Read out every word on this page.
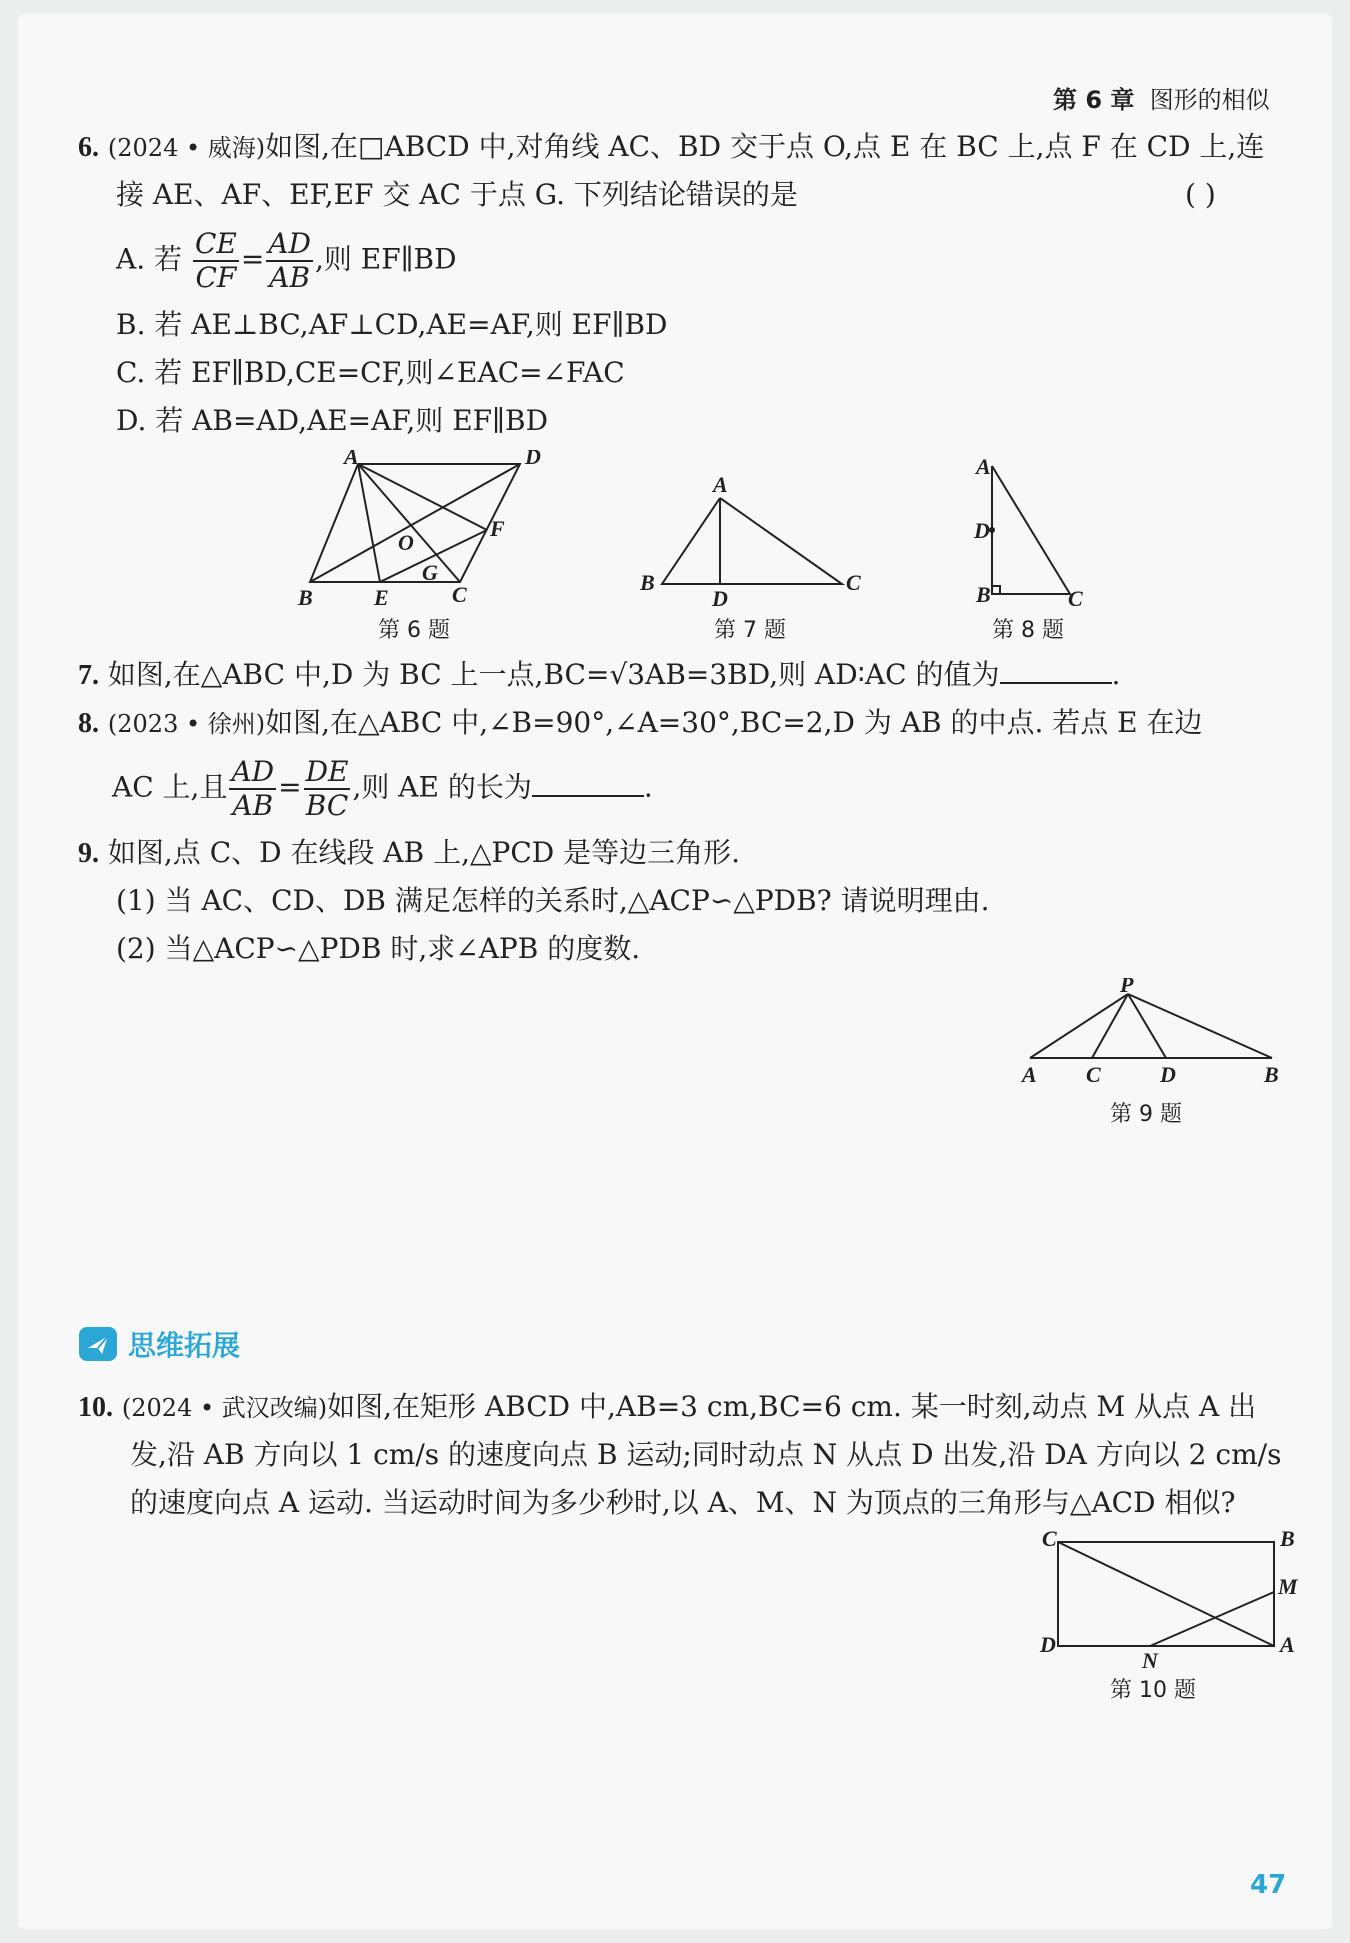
第 6 章 图形的相似
6. (2024 • 威海)如图,在□ABCD 中,对角线 AC、BD 交于点 O,点 E 在 BC 上,点 F 在 CD 上,连
接 AE、AF、EF,EF 交 AC 于点 G. 下列结论错误的是	( )
A. 若 $\frac{CE}{CF} = \frac{AD}{AB}$ ,则 EF∥BD
B. 若 AE⊥BC,AF⊥CD,AE=AF,则 EF∥BD
C. 若 EF∥BD,CE=CF,则∠EAC=∠FAC
D. 若 AB=AD,AE=AF,则 EF∥BD
A	D
B	C
E
F
O
G
第 6 题
A
B	C
D
第 7 题
A
D
B	C
第 8 题
7. 如图,在△ABC 中,D 为 BC 上一点,BC=√3AB=3BD,则 AD∶AC 的值为	.
8. (2023 • 徐州)如图,在△ABC 中,∠B=90°,∠A=30°,BC=2,D 为 AB 的中点. 若点 E 在边
AC 上,且 $\frac{AD}{AB} = \frac{DE}{BC}$ ,则 AE 的长为	.
9. 如图,点 C、D 在线段 AB 上,△PCD 是等边三角形.
(1) 当 AC、CD、DB 满足怎样的关系时,△ACP∽△PDB? 请说明理由.
(2) 当△ACP∽△PDB 时,求∠APB 的度数.
P
A C	D	B
第 9 题
思维拓展
10. (2024 • 武汉改编)如图,在矩形 ABCD 中,AB=3 cm,BC=6 cm. 某一时刻,动点 M 从点 A 出
发,沿 AB 方向以 1 cm/s 的速度向点 B 运动;同时动点 N 从点 D 出发,沿 DA 方向以 2 cm/s
的速度向点 A 运动. 当运动时间为多少秒时,以 A、M、N 为顶点的三角形与△ACD 相似?
C	B
M
D
N
A
第 10 题
47
